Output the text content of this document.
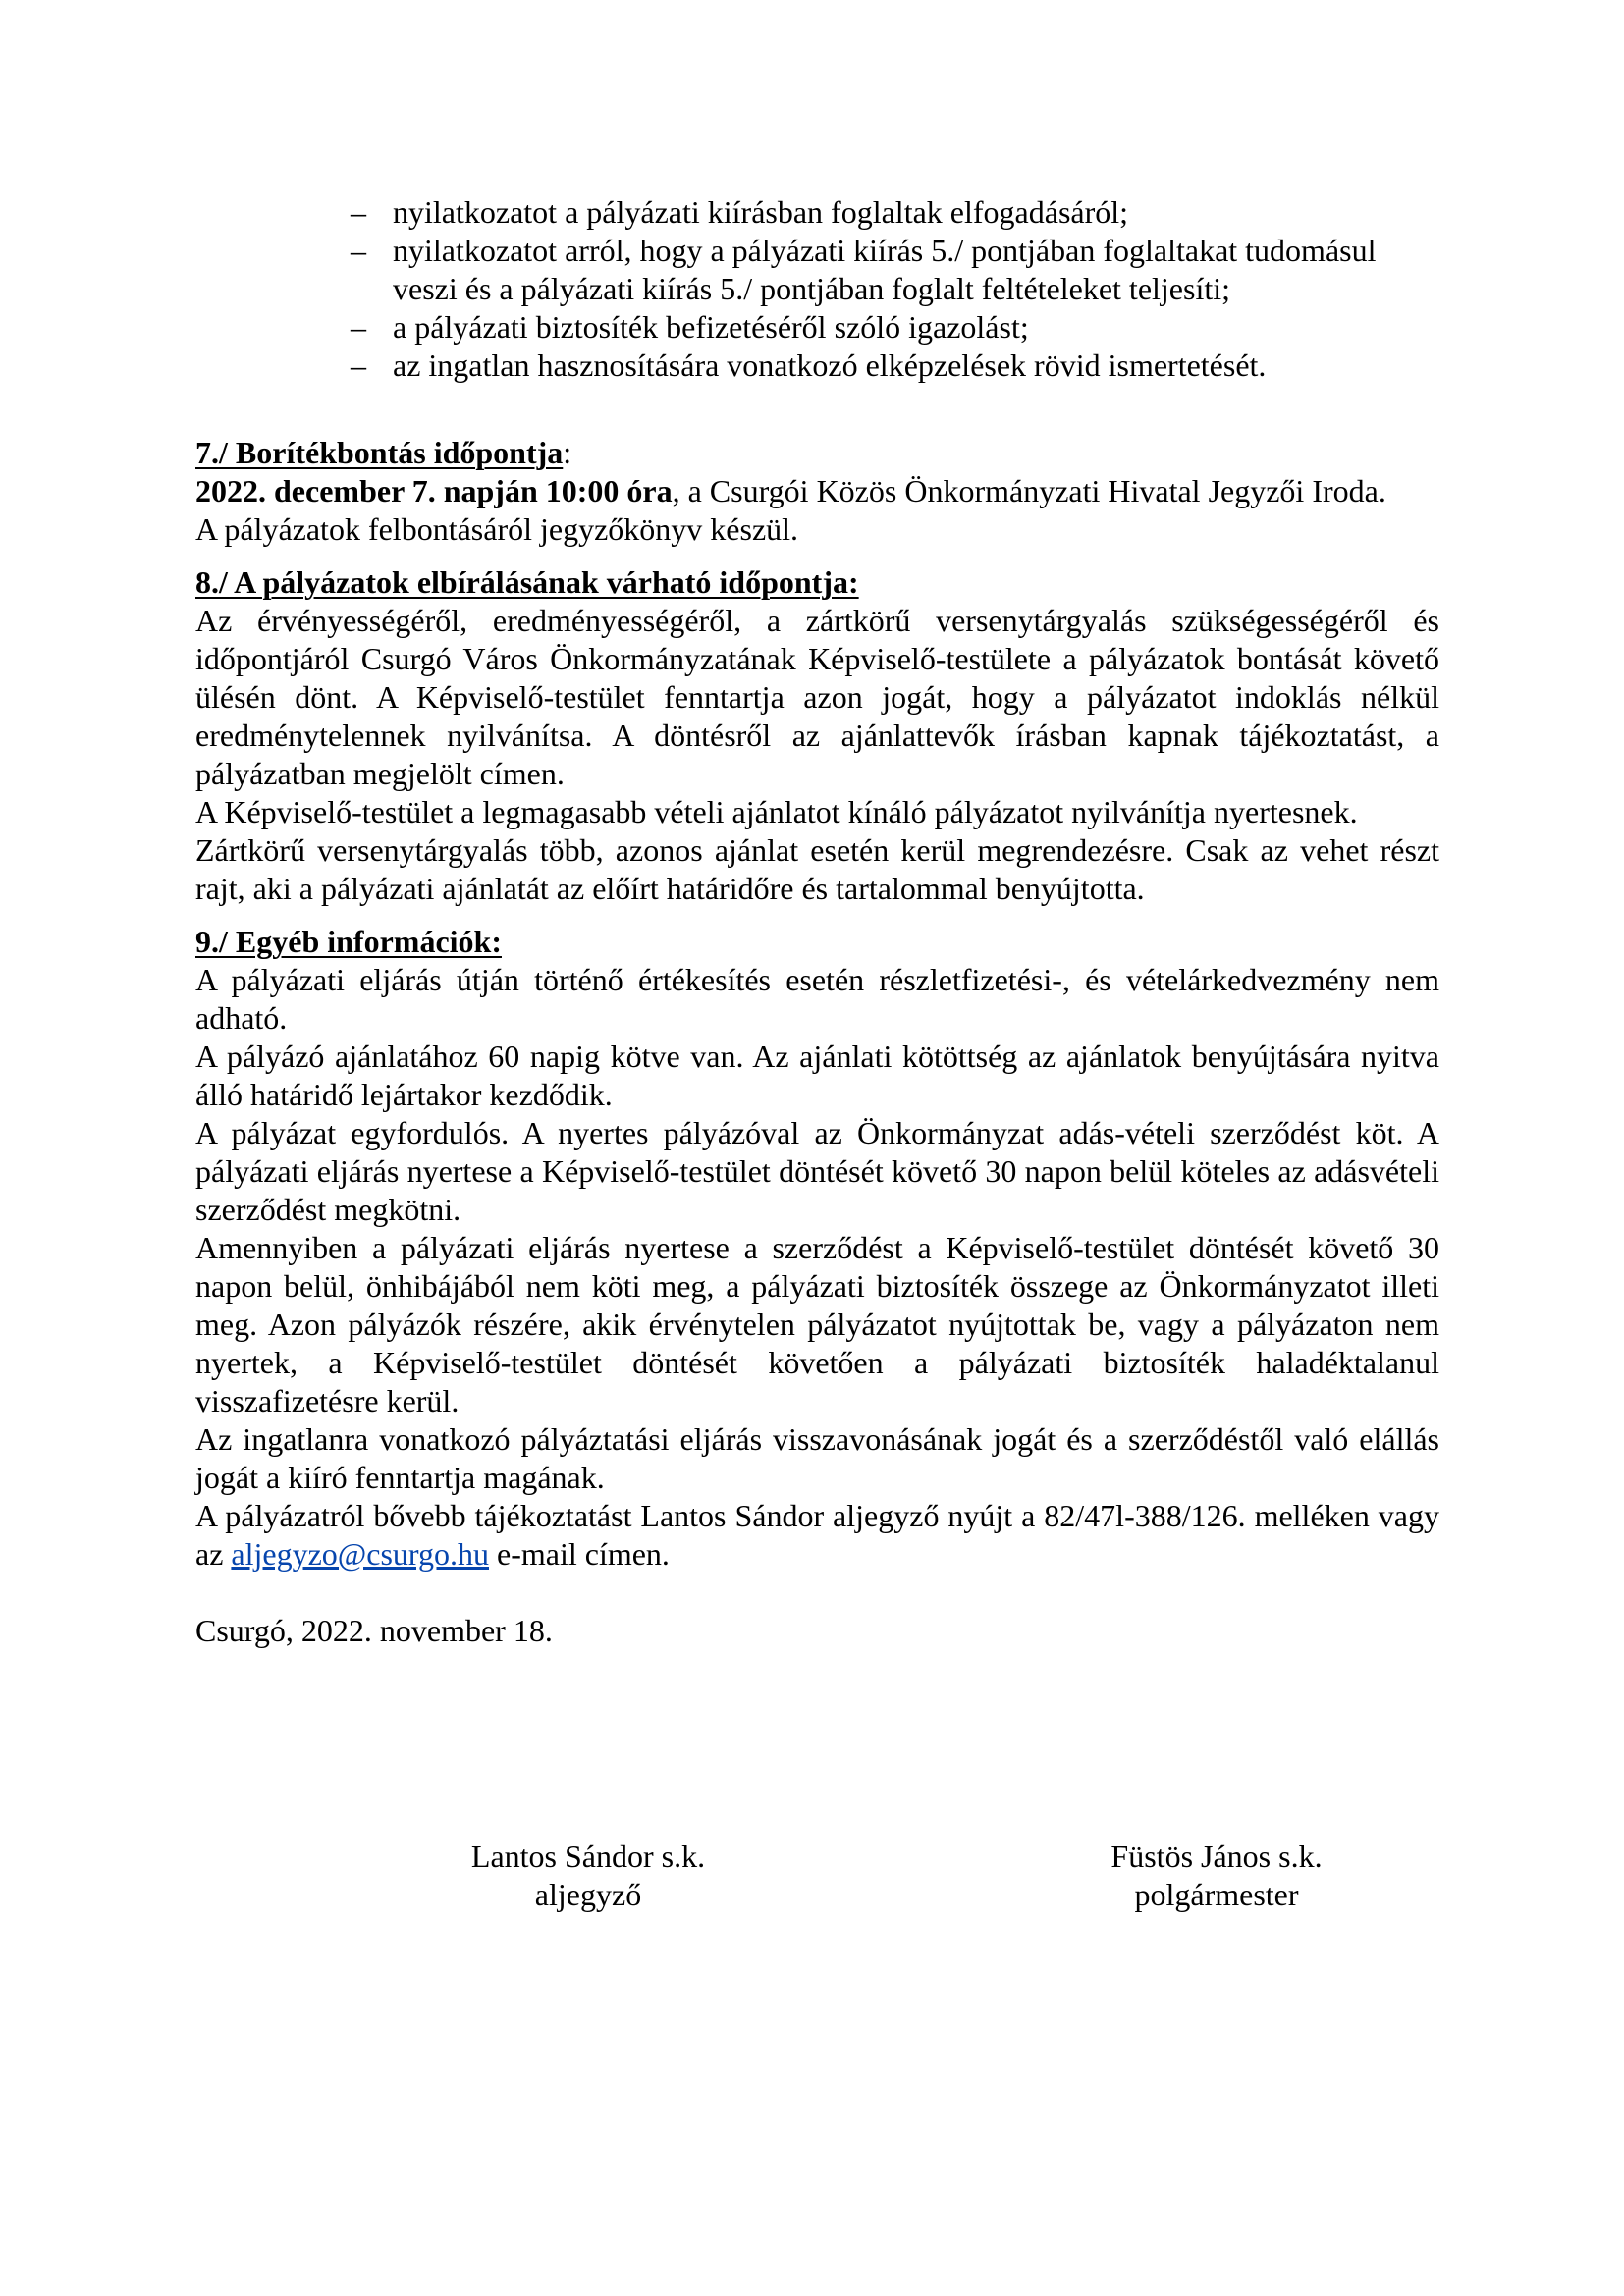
– nyilatkozatot a pályázati kiírásban foglaltak elfogadásáról;
– nyilatkozatot arról, hogy a pályázati kiírás 5./ pontjában foglaltakat tudomásul veszi és a pályázati kiírás 5./ pontjában foglalt feltételeket teljesíti;
– a pályázati biztosíték befizetéséről szóló igazolást;
– az ingatlan hasznosítására vonatkozó elképzelések rövid ismertetését.

7./ Borítékbontás időpontja:

2022. december 7. napján 10:00 óra, a Csurgói Közös Önkormányzati Hivatal Jegyzői Iroda.

A pályázatok felbontásáról jegyzőkönyv készül.

8./ A pályázatok elbírálásának várható időpontja:

Az érvényességéről, eredményességéről, a zártkörű versenytárgyalás szükségességéről és időpontjáról Csurgó Város Önkormányzatának Képviselő-testülete a pályázatok bontását követő ülésén dönt. A Képviselő-testület fenntartja azon jogát, hogy a pályázatot indoklás nélkül eredménytelennek nyilvánítsa. A döntésről az ajánlattevők írásban kapnak tájékoztatást, a pályázatban megjelölt címen.

A Képviselő-testület a legmagasabb vételi ajánlatot kínáló pályázatot nyilvánítja nyertesnek.

Zártkörű versenytárgyalás több, azonos ajánlat esetén kerül megrendezésre. Csak az vehet részt rajt, aki a pályázati ajánlatát az előírt határidőre és tartalommal benyújtotta.

9./ Egyéb információk:

A pályázati eljárás útján történő értékesítés esetén részletfizetési-, és vételárkedvezmény nem adható.

A pályázó ajánlatához 60 napig kötve van. Az ajánlati kötöttség az ajánlatok benyújtására nyitva álló határidő lejártakor kezdődik.

A pályázat egyfordulós. A nyertes pályázóval az Önkormányzat adás-vételi szerződést köt. A pályázati eljárás nyertese a Képviselő-testület döntését követő 30 napon belül köteles az adásvételi szerződést megkötni.

Amennyiben a pályázati eljárás nyertese a szerződést a Képviselő-testület döntését követő 30 napon belül, önhibájából nem köti meg, a pályázati biztosíték összege az Önkormányzatot illeti meg. Azon pályázók részére, akik érvénytelen pályázatot nyújtottak be, vagy a pályázaton nem nyertek, a Képviselő-testület döntését követően a pályázati biztosíték haladéktalanul visszafizetésre kerül.

Az ingatlanra vonatkozó pályáztatási eljárás visszavonásának jogát és a szerződéstől való elállás jogát a kiíró fenntartja magának.

A pályázatról bővebb tájékoztatást Lantos Sándor aljegyző nyújt a 82/47l-388/126. melléken vagy az aljegyzo@csurgo.hu e-mail címen.

Csurgó, 2022. november 18.

Lantos Sándor s.k.
aljegyző
Füstös János s.k.
polgármester
